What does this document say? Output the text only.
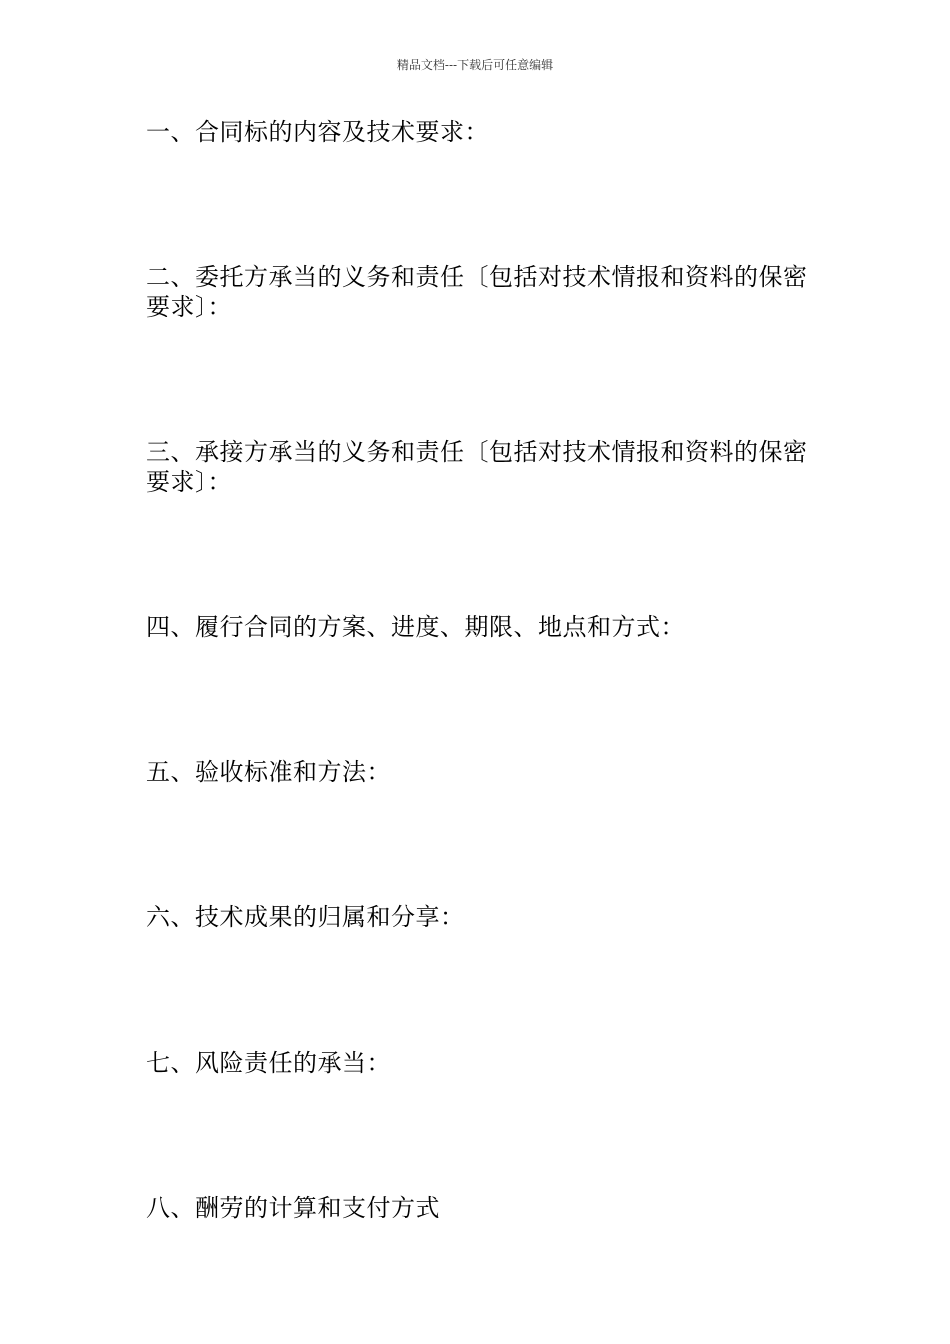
精品文档---下载后可任意编辑

一、合同标的内容及技术要求：

二、委托方承当的义务和责任〔包括对技术情报和资料的保密要求〕：

三、承接方承当的义务和责任〔包括对技术情报和资料的保密要求〕：

四、履行合同的方案、进度、期限、地点和方式：

五、验收标准和方法：

六、技术成果的归属和分享：

七、风险责任的承当：

八、酬劳的计算和支付方式
